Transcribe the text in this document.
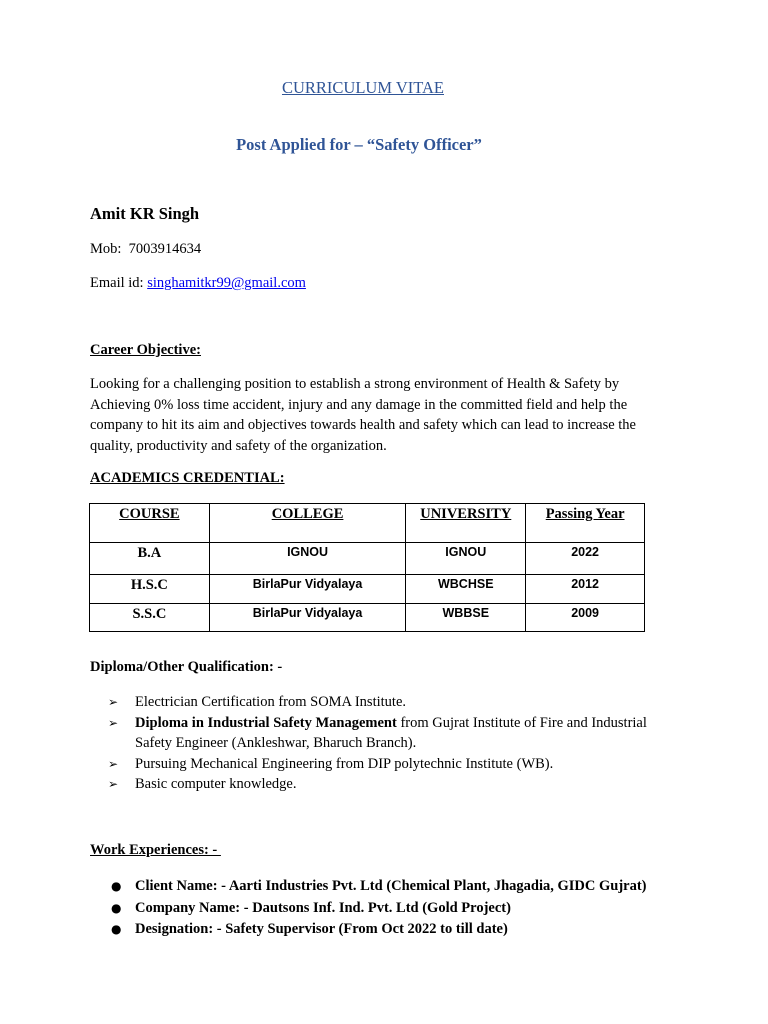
CURRICULUM VITAE
Post Applied for – “Safety Officer”
Amit KR Singh
Mob: 7003914634
Email id: singhamitkr99@gmail.com
Career Objective:
Looking for a challenging position to establish a strong environment of Health & Safety by Achieving 0% loss time accident, injury and any damage in the committed field and help the company to hit its aim and objectives towards health and safety which can lead to increase the quality, productivity and safety of the organization.
ACADEMICS CREDENTIAL:
COURSE	COLLEGE	UNIVERSITY	Passing Year
B.A	IGNOU	IGNOU	2022
H.S.C	BirlaPur Vidyalaya	WBCHSE	2012
S.S.C	BirlaPur Vidyalaya	WBBSE	2009
Diploma/Other Qualification: -
➢ Electrician Certification from SOMA Institute.
➢ Diploma in Industrial Safety Management from Gujrat Institute of Fire and Industrial Safety Engineer (Ankleshwar, Bharuch Branch).
➢ Pursuing Mechanical Engineering from DIP polytechnic Institute (WB).
➢ Basic computer knowledge.
Work Experiences: -
● Client Name: - Aarti Industries Pvt. Ltd (Chemical Plant, Jhagadia, GIDC Gujrat)
● Company Name: - Dautsons Inf. Ind. Pvt. Ltd (Gold Project)
● Designation: - Safety Supervisor (From Oct 2022 to till date)
